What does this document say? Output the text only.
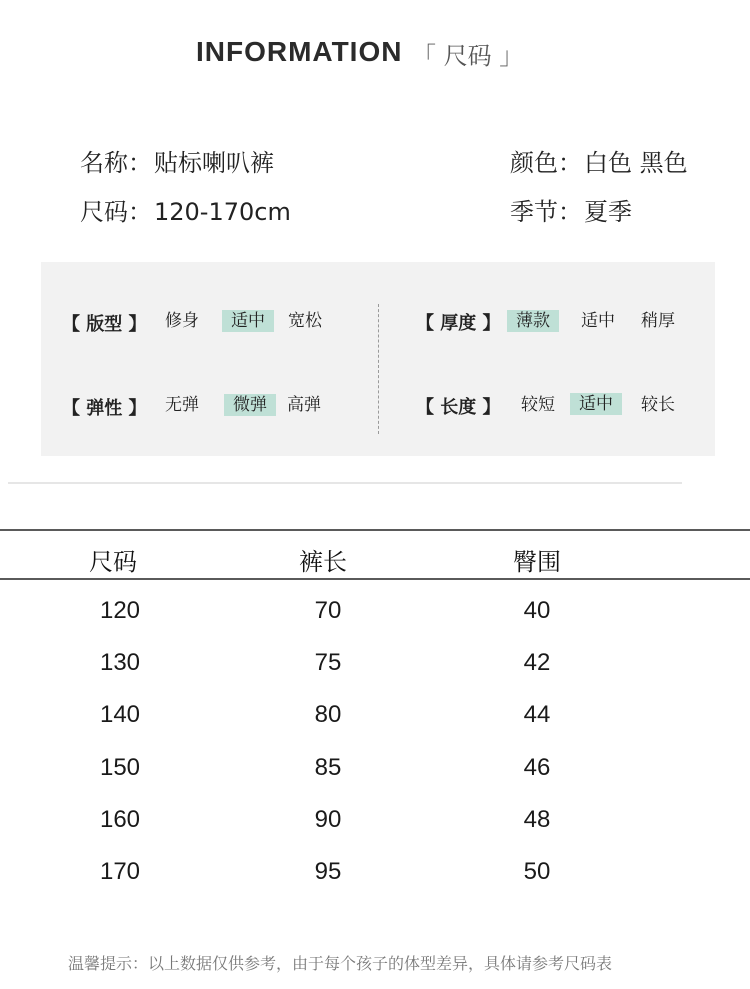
INFORMATION 「 尺码 」
名称：贴标喇叭裤
尺码：120-170cm
颜色：白色 黑色
季节：夏季
【 版型 】	修身	适中	宽松
【 弹性 】	无弹	微弹	高弹
【 厚度 】 薄款	适中	稍厚
【 长度 】	较短	适中	较长
尺码	裤长	臀围
120	70	40
130	75	42
140	80	44
150	85	46
160	90	48
170	95	50
温馨提示：以上数据仅供参考，由于每个孩子的体型差异，具体请参考尺码表
